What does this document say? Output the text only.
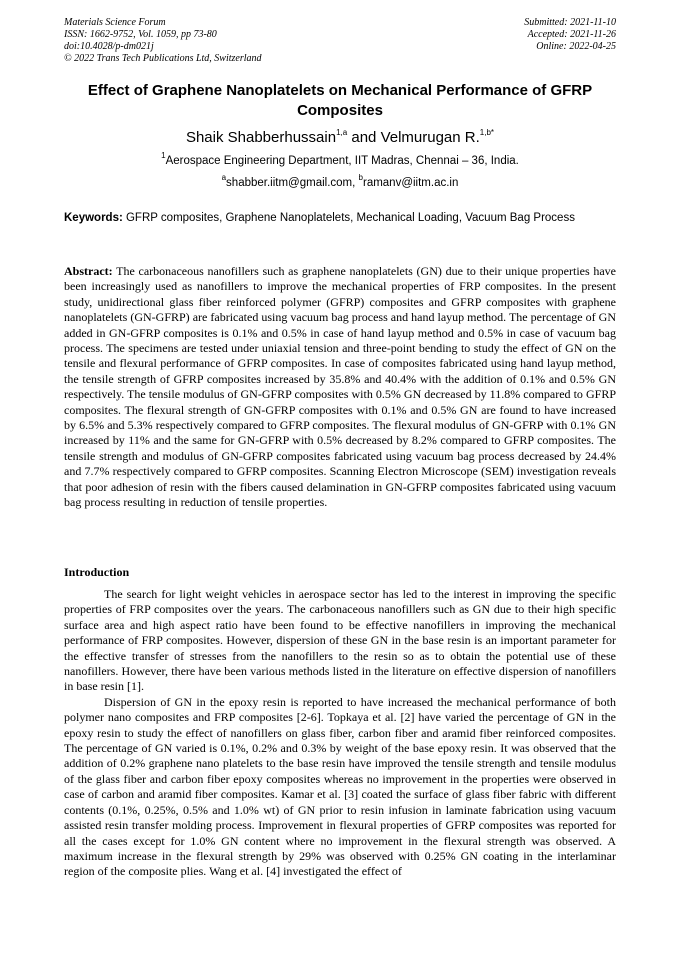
Materials Science Forum
ISSN: 1662-9752, Vol. 1059, pp 73-80
doi:10.4028/p-dm021j
© 2022 Trans Tech Publications Ltd, Switzerland
Submitted: 2021-11-10
Accepted: 2021-11-26
Online: 2022-04-25
Effect of Graphene Nanoplatelets on Mechanical Performance of GFRP Composites
Shaik Shabberhussain$^{1,a}$ and Velmurugan R.$^{1,b*}$
$^1$Aerospace Engineering Department, IIT Madras, Chennai – 36, India.
$^a$shabber.iitm@gmail.com, $^b$ramanv@iitm.ac.in
Keywords: GFRP composites, Graphene Nanoplatelets, Mechanical Loading, Vacuum Bag Process
Abstract: The carbonaceous nanofillers such as graphene nanoplatelets (GN) due to their unique properties have been increasingly used as nanofillers to improve the mechanical properties of FRP composites. In the present study, unidirectional glass fiber reinforced polymer (GFRP) composites and GFRP composites with graphene nanoplatelets (GN-GFRP) are fabricated using vacuum bag process and hand layup method. The percentage of GN added in GN-GFRP composites is 0.1% and 0.5% in case of hand layup method and 0.5% in case of vacuum bag process. The specimens are tested under uniaxial tension and three-point bending to study the effect of GN on the tensile and flexural performance of GFRP composites. In case of composites fabricated using hand layup method, the tensile strength of GFRP composites increased by 35.8% and 40.4% with the addition of 0.1% and 0.5% GN respectively. The tensile modulus of GN-GFRP composites with 0.5% GN decreased by 11.8% compared to GFRP composites. The flexural strength of GN-GFRP composites with 0.1% and 0.5% GN are found to have increased by 6.5% and 5.3% respectively compared to GFRP composites. The flexural modulus of GN-GFRP with 0.1% GN increased by 11% and the same for GN-GFRP with 0.5% decreased by 8.2% compared to GFRP composites. The tensile strength and modulus of GN-GFRP composites fabricated using vacuum bag process decreased by 24.4% and 7.7% respectively compared to GFRP composites. Scanning Electron Microscope (SEM) investigation reveals that poor adhesion of resin with the fibers caused delamination in GN-GFRP composites fabricated using vacuum bag process resulting in reduction of tensile properties.
Introduction

The search for light weight vehicles in aerospace sector has led to the interest in improving the specific properties of FRP composites over the years. The carbonaceous nanofillers such as GN due to their high specific surface area and high aspect ratio have been found to be effective nanofillers in improving the mechanical performance of FRP composites. However, dispersion of these GN in the base resin is an important parameter for the effective transfer of stresses from the nanofillers to the resin so as to obtain the potential use of these nanofillers. However, there have been various methods listed in the literature on effective dispersion of nanofillers in base resin [1].

Dispersion of GN in the epoxy resin is reported to have increased the mechanical performance of both polymer nano composites and FRP composites [2-6]. Topkaya et al. [2] have varied the percentage of GN in the epoxy resin to study the effect of nanofillers on glass fiber, carbon fiber and aramid fiber reinforced composites. The percentage of GN varied is 0.1%, 0.2% and 0.3% by weight of the base epoxy resin. It was observed that the addition of 0.2% graphene nano platelets to the base resin have improved the tensile strength and tensile modulus of the glass fiber and carbon fiber epoxy composites whereas no improvement in the properties were observed in case of carbon and aramid fiber composites. Kamar et al. [3] coated the surface of glass fiber fabric with different contents (0.1%, 0.25%, 0.5% and 1.0% wt) of GN prior to resin infusion in laminate fabrication using vacuum assisted resin transfer molding process. Improvement in flexural properties of GFRP composites was reported for all the cases except for 1.0% GN content where no improvement in the flexural strength was observed. A maximum increase in the flexural strength by 29% was observed with 0.25% GN coating in the interlaminar region of the composite plies. Wang et al. [4] investigated the effect of
